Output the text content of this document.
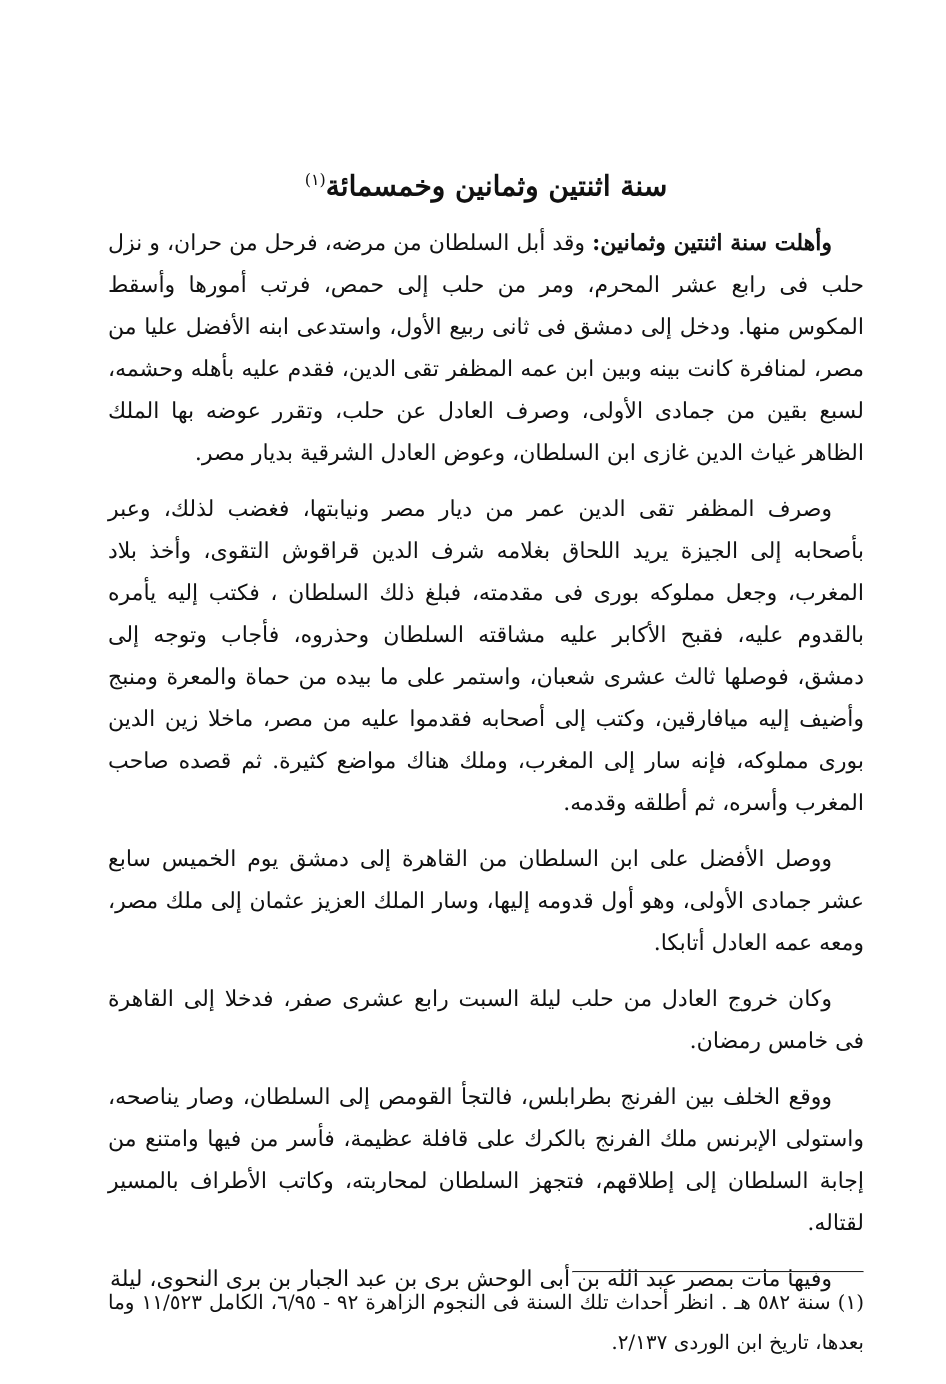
سنة اثنتين وثمانين وخمسمائة$^{(١)}$

وأهلت سنة اثنتين وثمانين: وقد أبل السلطان من مرضه، فرحل من حران، و نزل حلب فى رابع عشر المحرم، ومر من حلب إلى حمص، فرتب أمورها وأسقط المكوس منها. ودخل إلى دمشق فى ثانى ربيع الأول، واستدعى ابنه الأفضل عليا من مصر، لمنافرة كانت بينه وبين ابن عمه المظفر تقى الدين، فقدم عليه بأهله وحشمه، لسبع بقين من جمادى الأولى، وصرف العادل عن حلب، وتقرر عوضه بها الملك الظاهر غياث الدين غازى ابن السلطان، وعوض العادل الشرقية بديار مصر.

وصرف المظفر تقى الدين عمر من ديار مصر ونيابتها، فغضب لذلك، وعبر بأصحابه إلى الجيزة يريد اللحاق بغلامه شرف الدين قراقوش التقوى، وأخذ بلاد المغرب، وجعل مملوكه بورى فى مقدمته، فبلغ ذلك السلطان ، فكتب إليه يأمره بالقدوم عليه، فقبح الأكابر عليه مشاقته السلطان وحذروه، فأجاب وتوجه إلى دمشق، فوصلها ثالث عشرى شعبان، واستمر على ما بيده من حماة والمعرة ومنبج وأضيف إليه ميافارقين، وكتب إلى أصحابه فقدموا عليه من مصر، ماخلا زين الدين بورى مملوكه، فإنه سار إلى المغرب، وملك هناك مواضع كثيرة. ثم قصده صاحب المغرب وأسره، ثم أطلقه وقدمه.

ووصل الأفضل على ابن السلطان من القاهرة إلى دمشق يوم الخميس سابع عشر جمادى الأولى، وهو أول قدومه إليها، وسار الملك العزيز عثمان إلى ملك مصر، ومعه عمه العادل أتابكا.

وكان خروج العادل من حلب ليلة السبت رابع عشرى صفر، فدخلا إلى القاهرة فى خامس رمضان.

ووقع الخلف بين الفرنج بطرابلس، فالتجأ القومص إلى السلطان، وصار يناصحه، واستولى الإبرنس ملك الفرنج بالكرك على قافلة عظيمة، فأسر من فيها وامتنع من إجابة السلطان إلى إطلاقهم، فتجهز السلطان لمحاربته، وكاتب الأطراف بالمسير لقتاله.

وفيها مات بمصر عبد الله بن أبى الوحش برى بن عبد الجبار بن برى النحوى، ليلة

(١) سنة ٥٨٢ هـ . انظر أحداث تلك السنة فى النجوم الزاهرة ٩٢ - ٦/٩٥، الكامل ١١/٥٢٣ وما بعدها، تاريخ ابن الوردى ٢/١٣٧.
